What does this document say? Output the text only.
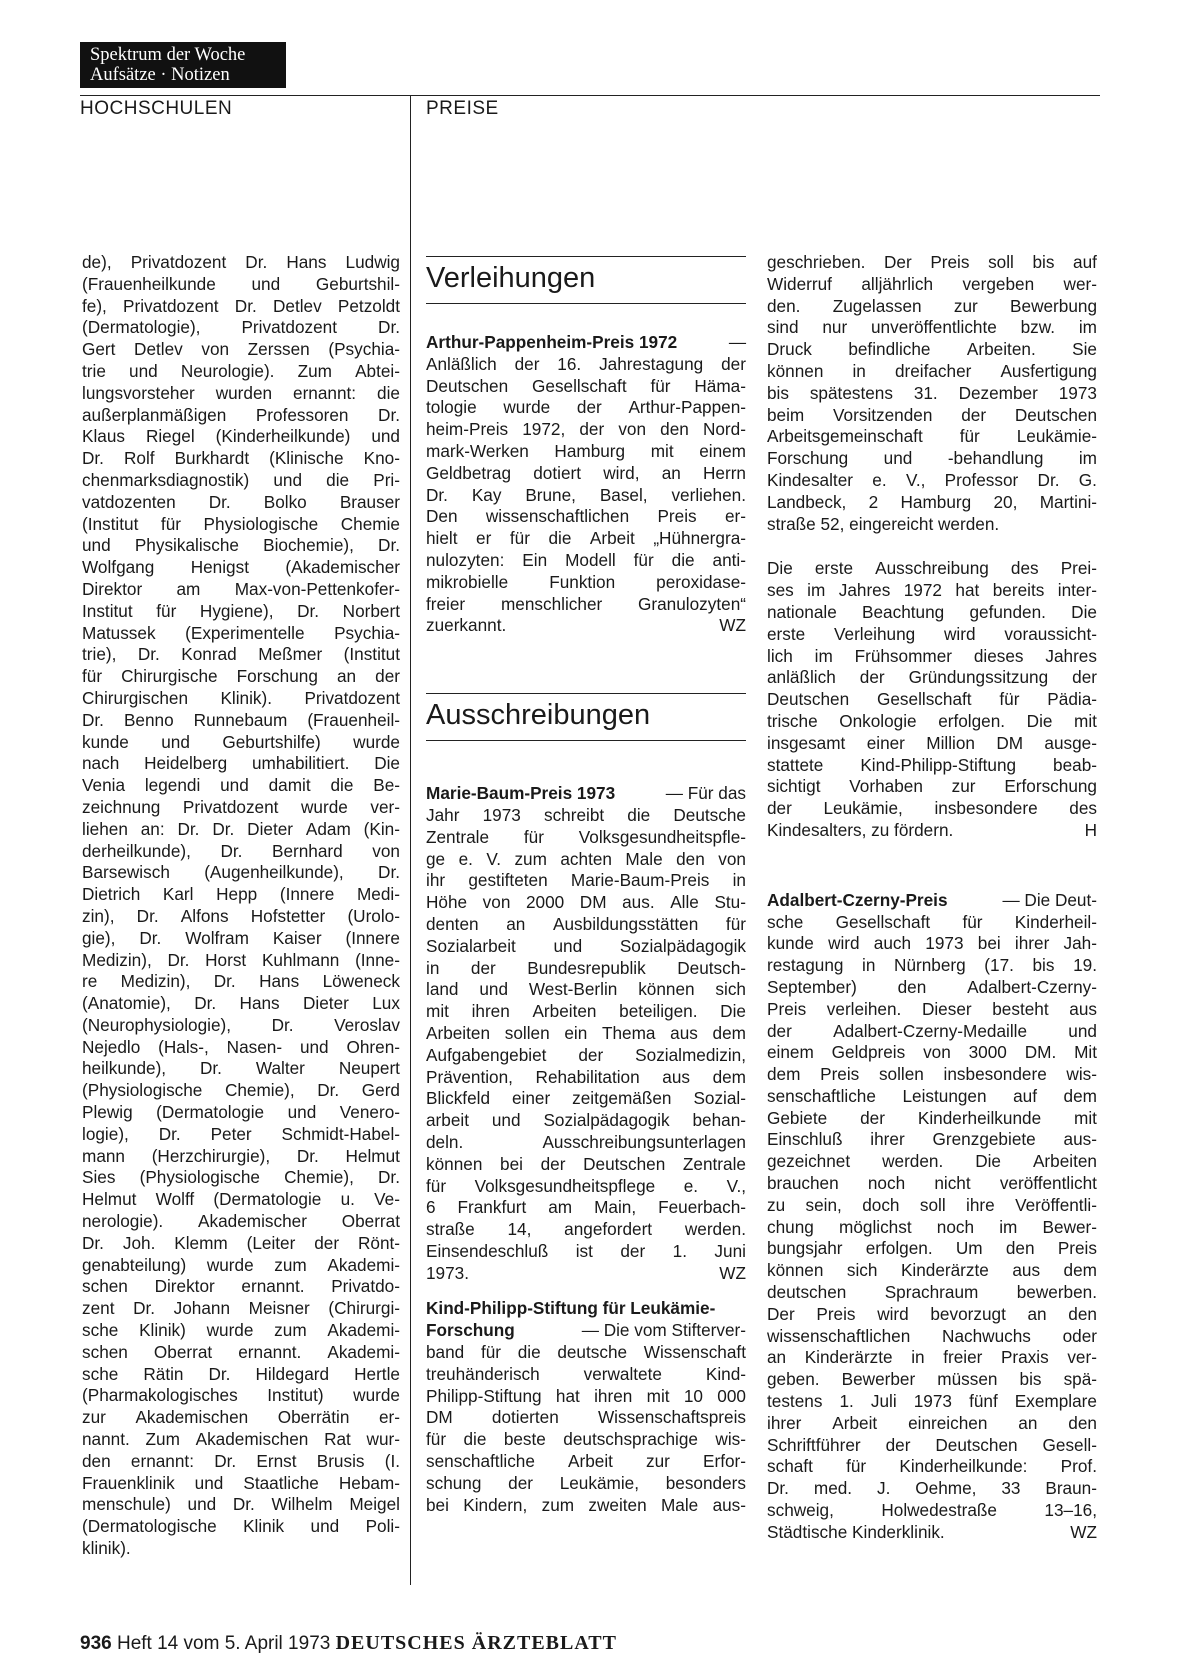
Spektrum der Woche
Aufsätze · Notizen
HOCHSCHULEN	PREISE
de), Privatdozent Dr. Hans Ludwig
(Frauenheilkunde und Geburtshil-
fe), Privatdozent Dr. Detlev Petzoldt
(Dermatologie), Privatdozent Dr.
Gert Detlev von Zerssen (Psychia-
trie und Neurologie). Zum Abtei-
lungsvorsteher wurden ernannt: die
außerplanmäßigen Professoren Dr.
Klaus Riegel (Kinderheilkunde) und
Dr. Rolf Burkhardt (Klinische Kno-
chenmarksdiagnostik) und die Pri-
vatdozenten Dr. Bolko Brauser
(Institut für Physiologische Chemie
und Physikalische Biochemie), Dr.
Wolfgang Henigst (Akademischer
Direktor am Max-von-Pettenkofer-
Institut für Hygiene), Dr. Norbert
Matussek (Experimentelle Psychia-
trie), Dr. Konrad Meßmer (Institut
für Chirurgische Forschung an der
Chirurgischen Klinik). Privatdozent
Dr. Benno Runnebaum (Frauenheil-
kunde und Geburtshilfe) wurde
nach Heidelberg umhabilitiert. Die
Venia legendi und damit die Be-
zeichnung Privatdozent wurde ver-
liehen an: Dr. Dr. Dieter Adam (Kin-
derheilkunde), Dr. Bernhard von
Barsewisch (Augenheilkunde), Dr.
Dietrich Karl Hepp (Innere Medi-
zin), Dr. Alfons Hofstetter (Urolo-
gie), Dr. Wolfram Kaiser (Innere
Medizin), Dr. Horst Kuhlmann (Inne-
re Medizin), Dr. Hans Löweneck
(Anatomie), Dr. Hans Dieter Lux
(Neurophysiologie), Dr. Veroslav
Nejedlo (Hals-, Nasen- und Ohren-
heilkunde), Dr. Walter Neupert
(Physiologische Chemie), Dr. Gerd
Plewig (Dermatologie und Venero-
logie), Dr. Peter Schmidt-Habel-
mann (Herzchirurgie), Dr. Helmut
Sies (Physiologische Chemie), Dr.
Helmut Wolff (Dermatologie u. Ve-
nerologie). Akademischer Oberrat
Dr. Joh. Klemm (Leiter der Rönt-
genabteilung) wurde zum Akademi-
schen Direktor ernannt. Privatdo-
zent Dr. Johann Meisner (Chirurgi-
sche Klinik) wurde zum Akademi-
schen Oberrat ernannt. Akademi-
sche Rätin Dr. Hildegard Hertle
(Pharmakologisches Institut) wurde
zur Akademischen Oberrätin er-
nannt. Zum Akademischen Rat wur-
den ernannt: Dr. Ernst Brusis (I.
Frauenklinik und Staatliche Hebam-
menschule) und Dr. Wilhelm Meigel
(Dermatologische Klinik und Poli-
klinik).
Verleihungen
Arthur-Pappenheim-Preis 1972	—
Anläßlich der 16. Jahrestagung der
Deutschen Gesellschaft für Häma-
tologie wurde der Arthur-Pappen-
heim-Preis 1972, der von den Nord-
mark-Werken Hamburg mit einem
Geldbetrag dotiert wird, an Herrn
Dr. Kay Brune, Basel, verliehen.
Den wissenschaftlichen Preis er-
hielt er für die Arbeit „Hühnergra-
nulozyten: Ein Modell für die anti-
mikrobielle Funktion peroxidase-
freier menschlicher Granulozyten“
zuerkannt.	WZ
Ausschreibungen
Marie-Baum-Preis 1973	— Für das
Jahr 1973 schreibt die Deutsche
Zentrale für Volksgesundheitspfle-
ge e. V. zum achten Male den von
ihr gestifteten Marie-Baum-Preis in
Höhe von 2000 DM aus. Alle Stu-
denten an Ausbildungsstätten für
Sozialarbeit und Sozialpädagogik
in der Bundesrepublik Deutsch-
land und West-Berlin können sich
mit ihren Arbeiten beteiligen. Die
Arbeiten sollen ein Thema aus dem
Aufgabengebiet der Sozialmedizin,
Prävention, Rehabilitation aus dem
Blickfeld einer zeitgemäßen Sozial-
arbeit und Sozialpädagogik behan-
deln.	Ausschreibungsunterlagen
können bei der Deutschen Zentrale
für Volksgesundheitspflege e. V.,
6 Frankfurt am Main, Feuerbach-
straße 14, angefordert werden.
Einsendeschluß ist der 1. Juni
1973.	WZ
Kind-Philipp-Stiftung für Leukämie-
Forschung	— Die vom Stifterver-
band für die deutsche Wissenschaft
treuhänderisch	verwaltete	Kind-
Philipp-Stiftung hat ihren mit 10 000
DM dotierten Wissenschaftspreis
für die beste deutschsprachige wis-
senschaftliche Arbeit zur Erfor-
schung der Leukämie, besonders
bei Kindern, zum zweiten Male aus-
geschrieben. Der Preis soll bis auf
Widerruf alljährlich vergeben wer-
den. Zugelassen zur Bewerbung
sind nur unveröffentlichte bzw. im
Druck befindliche Arbeiten. Sie
können in dreifacher Ausfertigung
bis spätestens 31. Dezember 1973
beim Vorsitzenden der Deutschen
Arbeitsgemeinschaft für Leukämie-
Forschung und -behandlung im
Kindesalter e. V., Professor Dr. G.
Landbeck, 2 Hamburg 20, Martini-
straße 52, eingereicht werden.
Die erste Ausschreibung des Prei-
ses im Jahres 1972 hat bereits inter-
nationale Beachtung gefunden. Die
erste Verleihung wird voraussicht-
lich im Frühsommer dieses Jahres
anläßlich der Gründungssitzung der
Deutschen Gesellschaft für Pädia-
trische Onkologie erfolgen. Die mit
insgesamt einer Million DM ausge-
stattete Kind-Philipp-Stiftung beab-
sichtigt Vorhaben zur Erforschung
der Leukämie, insbesondere des
Kindesalters, zu fördern.	H
Adalbert-Czerny-Preis	— Die Deut-
sche Gesellschaft für Kinderheil-
kunde wird auch 1973 bei ihrer Jah-
restagung in Nürnberg (17. bis 19.
September) den Adalbert-Czerny-
Preis verleihen. Dieser besteht aus
der Adalbert-Czerny-Medaille und
einem Geldpreis von 3000 DM. Mit
dem Preis sollen insbesondere wis-
senschaftliche Leistungen auf dem
Gebiete der Kinderheilkunde mit
Einschluß ihrer Grenzgebiete aus-
gezeichnet werden. Die Arbeiten
brauchen noch nicht veröffentlicht
zu sein, doch soll ihre Veröffentli-
chung möglichst noch im Bewer-
bungsjahr erfolgen. Um den Preis
können sich Kinderärzte aus dem
deutschen Sprachraum bewerben.
Der Preis wird bevorzugt an den
wissenschaftlichen Nachwuchs oder
an Kinderärzte in freier Praxis ver-
geben. Bewerber müssen bis spä-
testens 1. Juli 1973 fünf Exemplare
ihrer Arbeit einreichen an den
Schriftführer der Deutschen Gesell-
schaft für Kinderheilkunde: Prof.
Dr. med. J. Oehme, 33 Braun-
schweig,	Holwedestraße	13–16,
Städtische Kinderklinik.	WZ
936 Heft 14 vom 5. April 1973 DEUTSCHES ÄRZTEBLATT
